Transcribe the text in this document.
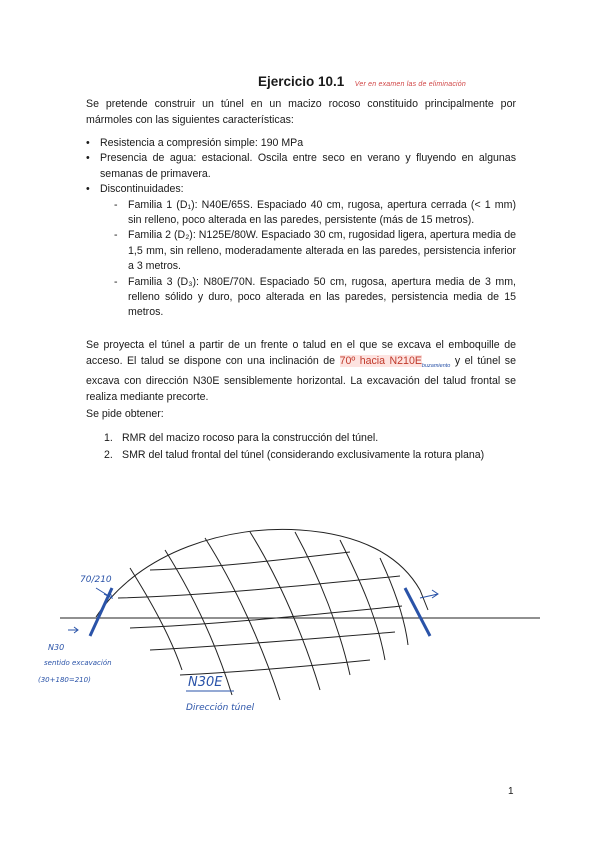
Ejercicio 10.1 Ver en examen las de eliminación
Se pretende construir un túnel en un macizo rocoso constituido principalmente por mármoles con las siguientes características:
• Resistencia a compresión simple: 190 MPa
• Presencia de agua: estacional. Oscila entre seco en verano y fluyendo en algunas semanas de primavera.
• Discontinuidades:
- Familia 1 (D₁): N40E/65S. Espaciado 40 cm, rugosa, apertura cerrada (< 1 mm) sin relleno, poco alterada en las paredes, persistente (más de 15 metros).
- Familia 2 (D₂): N125E/80W. Espaciado 30 cm, rugosidad ligera, apertura media de 1,5 mm, sin relleno, moderadamente alterada en las paredes, persistencia inferior a 3 metros.
- Familia 3 (D₃): N80E/70N. Espaciado 50 cm, rugosa, apertura media de 3 mm, relleno sólido y duro, poco alterada en las paredes, persistencia media de 15 metros.
Se proyecta el túnel a partir de un frente o talud en el que se excava el emboquille de acceso. El talud se dispone con una inclinación de 70º hacia $N210E_{buzamiento}$ y el túnel se excava con dirección N30E sensiblemente horizontal. La excavación del talud frontal se realiza mediante precorte.
Se pide obtener:
1. RMR del macizo rocoso para la construcción del túnel.
2. SMR del talud frontal del túnel (considerando exclusivamente la rotura plana)
70/210
N30
sentido excavación
(30+180=210)	N30E
Dirección túnel
1
